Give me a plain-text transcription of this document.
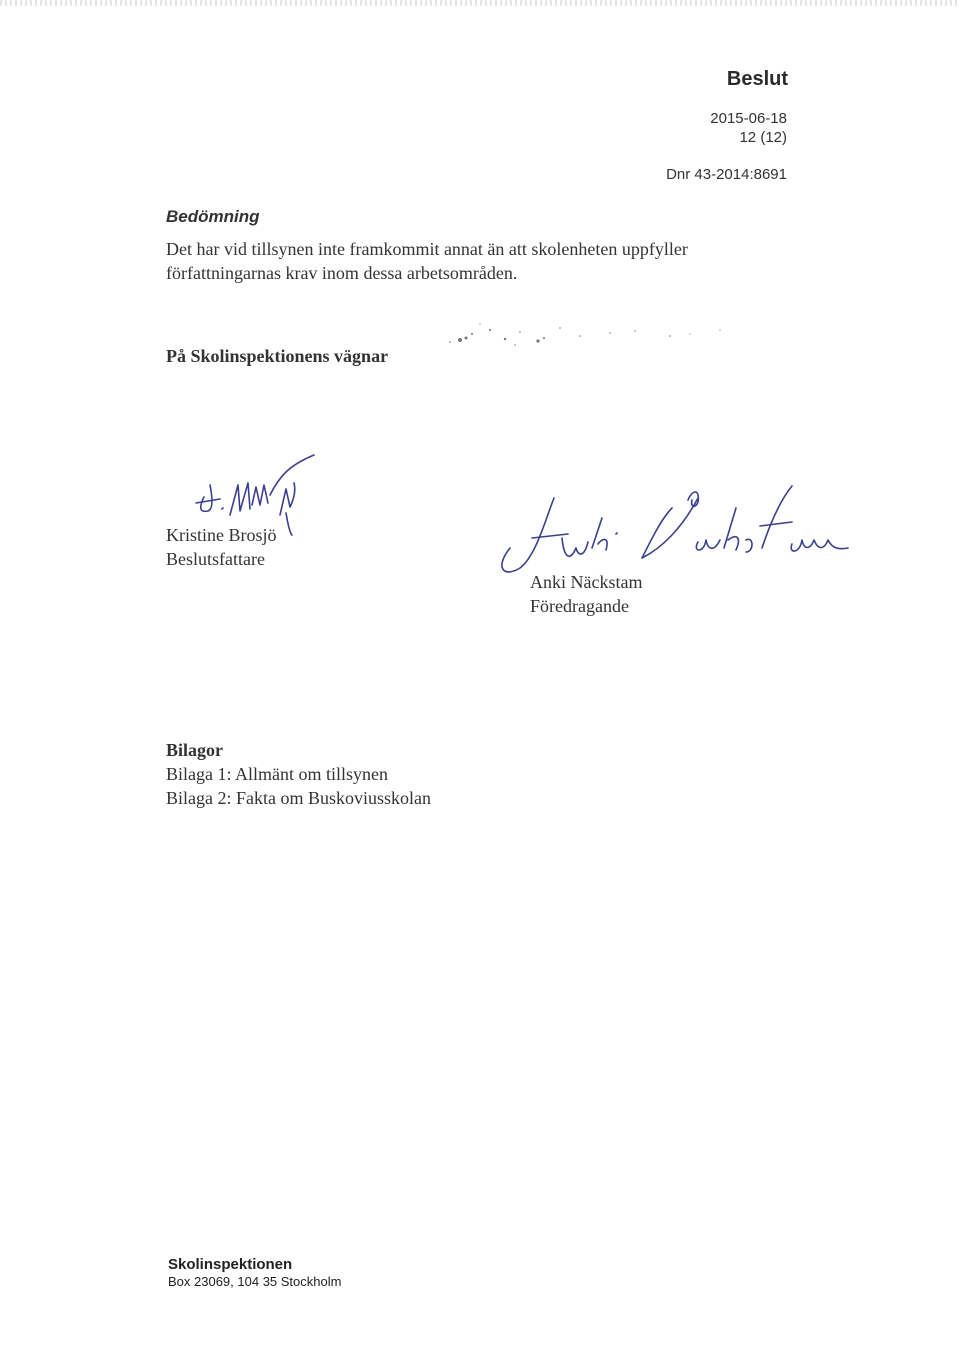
Beslut
2015-06-18
12 (12)
Dnr 43-2014:8691
Bedömning
Det har vid tillsynen inte framkommit annat än att skolenheten uppfyller författningarnas krav inom dessa arbetsområden.
På Skolinspektionens vägnar
Kristine Brosjö
Beslutsfattare
Anki Näckstam
Föredragande
Bilagor
Bilaga 1: Allmänt om tillsynen
Bilaga 2: Fakta om Buskoviusskolan
Skolinspektionen
Box 23069, 104 35 Stockholm
